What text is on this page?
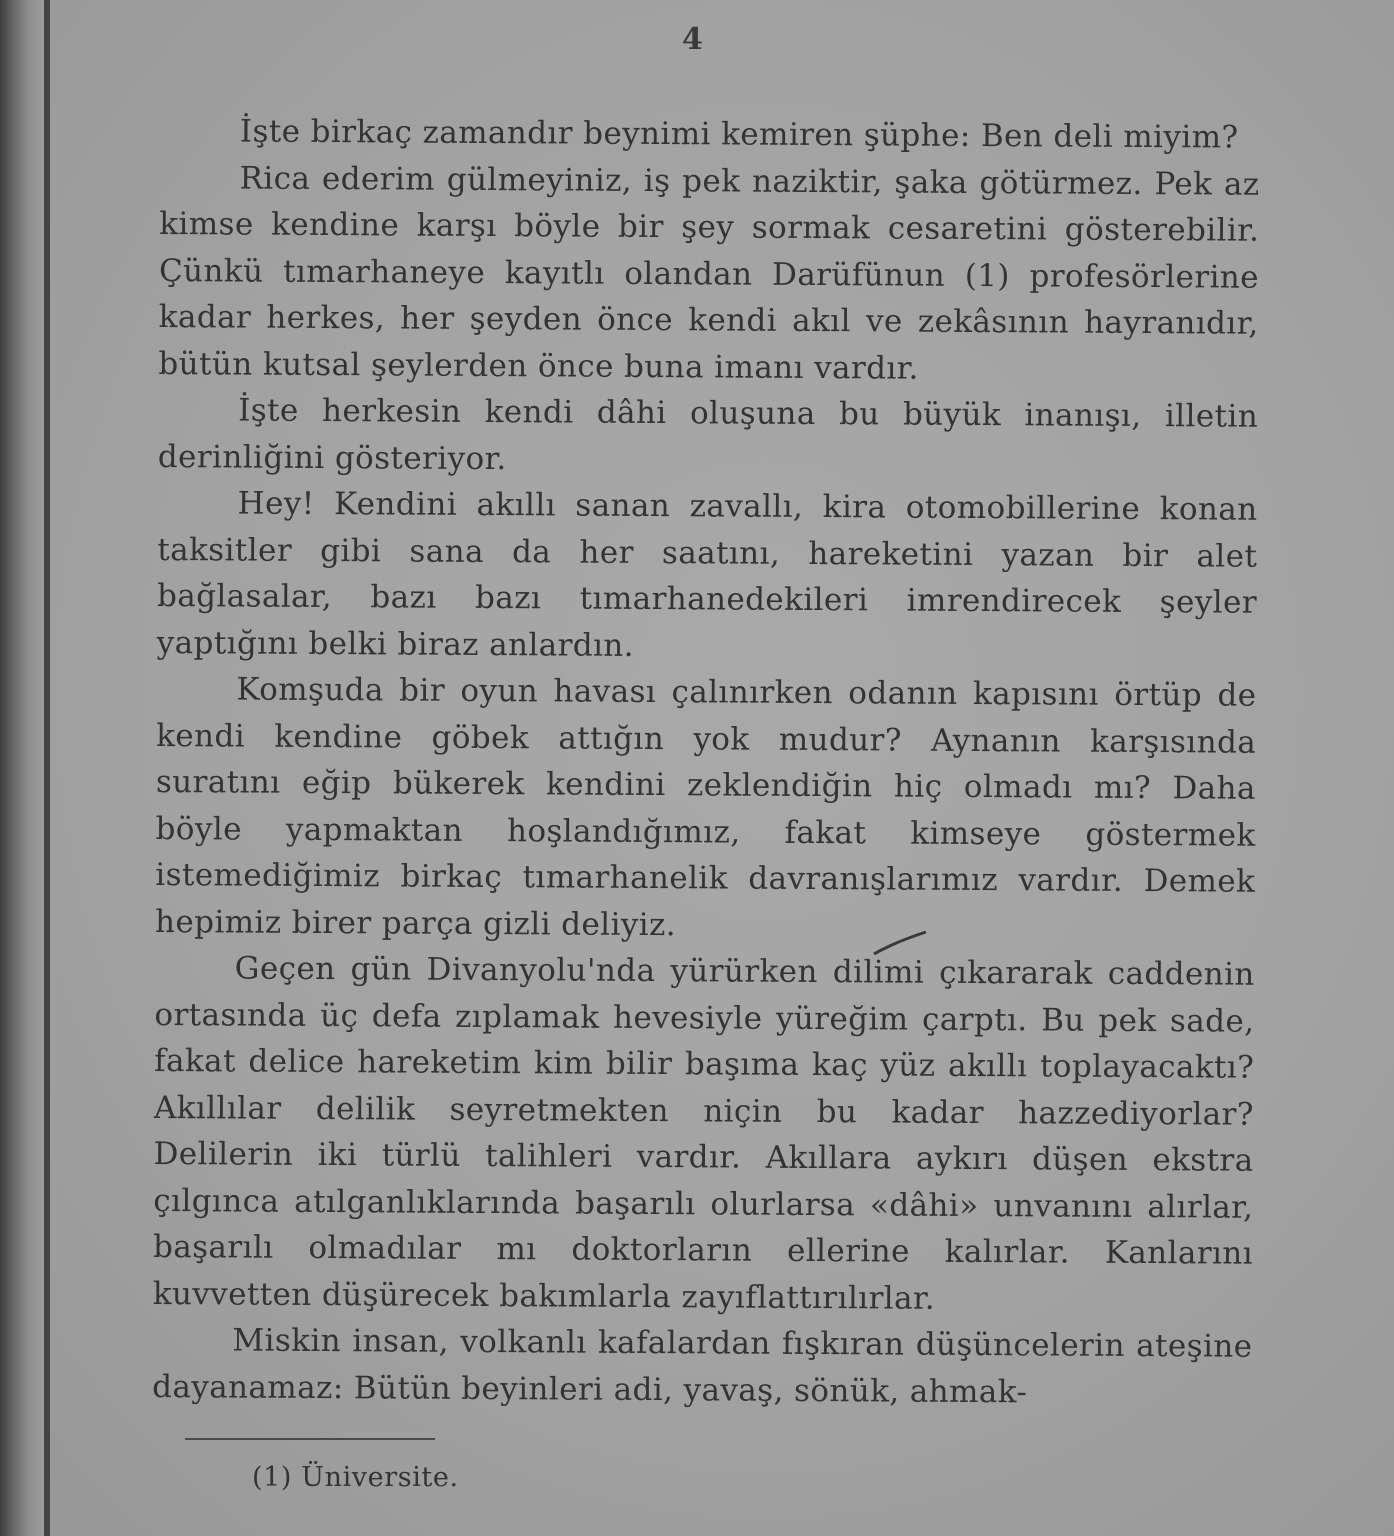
4

İşte birkaç zamandır beynimi kemiren şüphe: Ben deli miyim?

Rica ederim gülmeyiniz, iş pek naziktir, şaka götürmez. Pek az kimse kendine karşı böyle bir şey sormak cesaretini gösterebilir. Çünkü tımarhaneye kayıtlı olandan Darüfünun (1) profesörlerine kadar herkes, her şeyden önce kendi akıl ve zekâsının hayranıdır, bütün kutsal şeylerden önce buna imanı vardır.

İşte herkesin kendi dâhi oluşuna bu büyük inanışı, illetin derinliğini gösteriyor.

Hey! Kendini akıllı sanan zavallı, kira otomobillerine konan taksitler gibi sana da her saatını, hareketini yazan bir alet bağlasalar, bazı bazı tımarhanedekileri imrendirecek şeyler yaptığını belki biraz anlardın.

Komşuda bir oyun havası çalınırken odanın kapısını örtüp de kendi kendine göbek attığın yok mudur? Aynanın karşısında suratını eğip bükerek kendini zeklendiğin hiç olmadı mı? Daha böyle yapmaktan hoşlandığımız, fakat kimseye göstermek istemediğimiz birkaç tımarhanelik davranışlarımız vardır. Demek hepimiz birer parça gizli deliyiz.

Geçen gün Divanyolu'nda yürürken dilimi çıkararak caddenin ortasında üç defa zıplamak hevesiyle yüreğim çarptı. Bu pek sade, fakat delice hareketim kim bilir başıma kaç yüz akıllı toplayacaktı? Akıllılar delilik seyretmekten niçin bu kadar hazzediyorlar? Delilerin iki türlü talihleri vardır. Akıllara aykırı düşen ekstra çılgınca atılganlıklarında başarılı olurlarsa «dâhi» unvanını alırlar, başarılı olmadılar mı doktorların ellerine kalırlar. Kanlarını kuvvetten düşürecek bakımlarla zayıflattırılırlar.

Miskin insan, volkanlı kafalardan fışkıran düşüncelerin ateşine dayanamaz: Bütün beyinleri adi, yavaş, sönük, ahmak-

(1) Üniversite.
